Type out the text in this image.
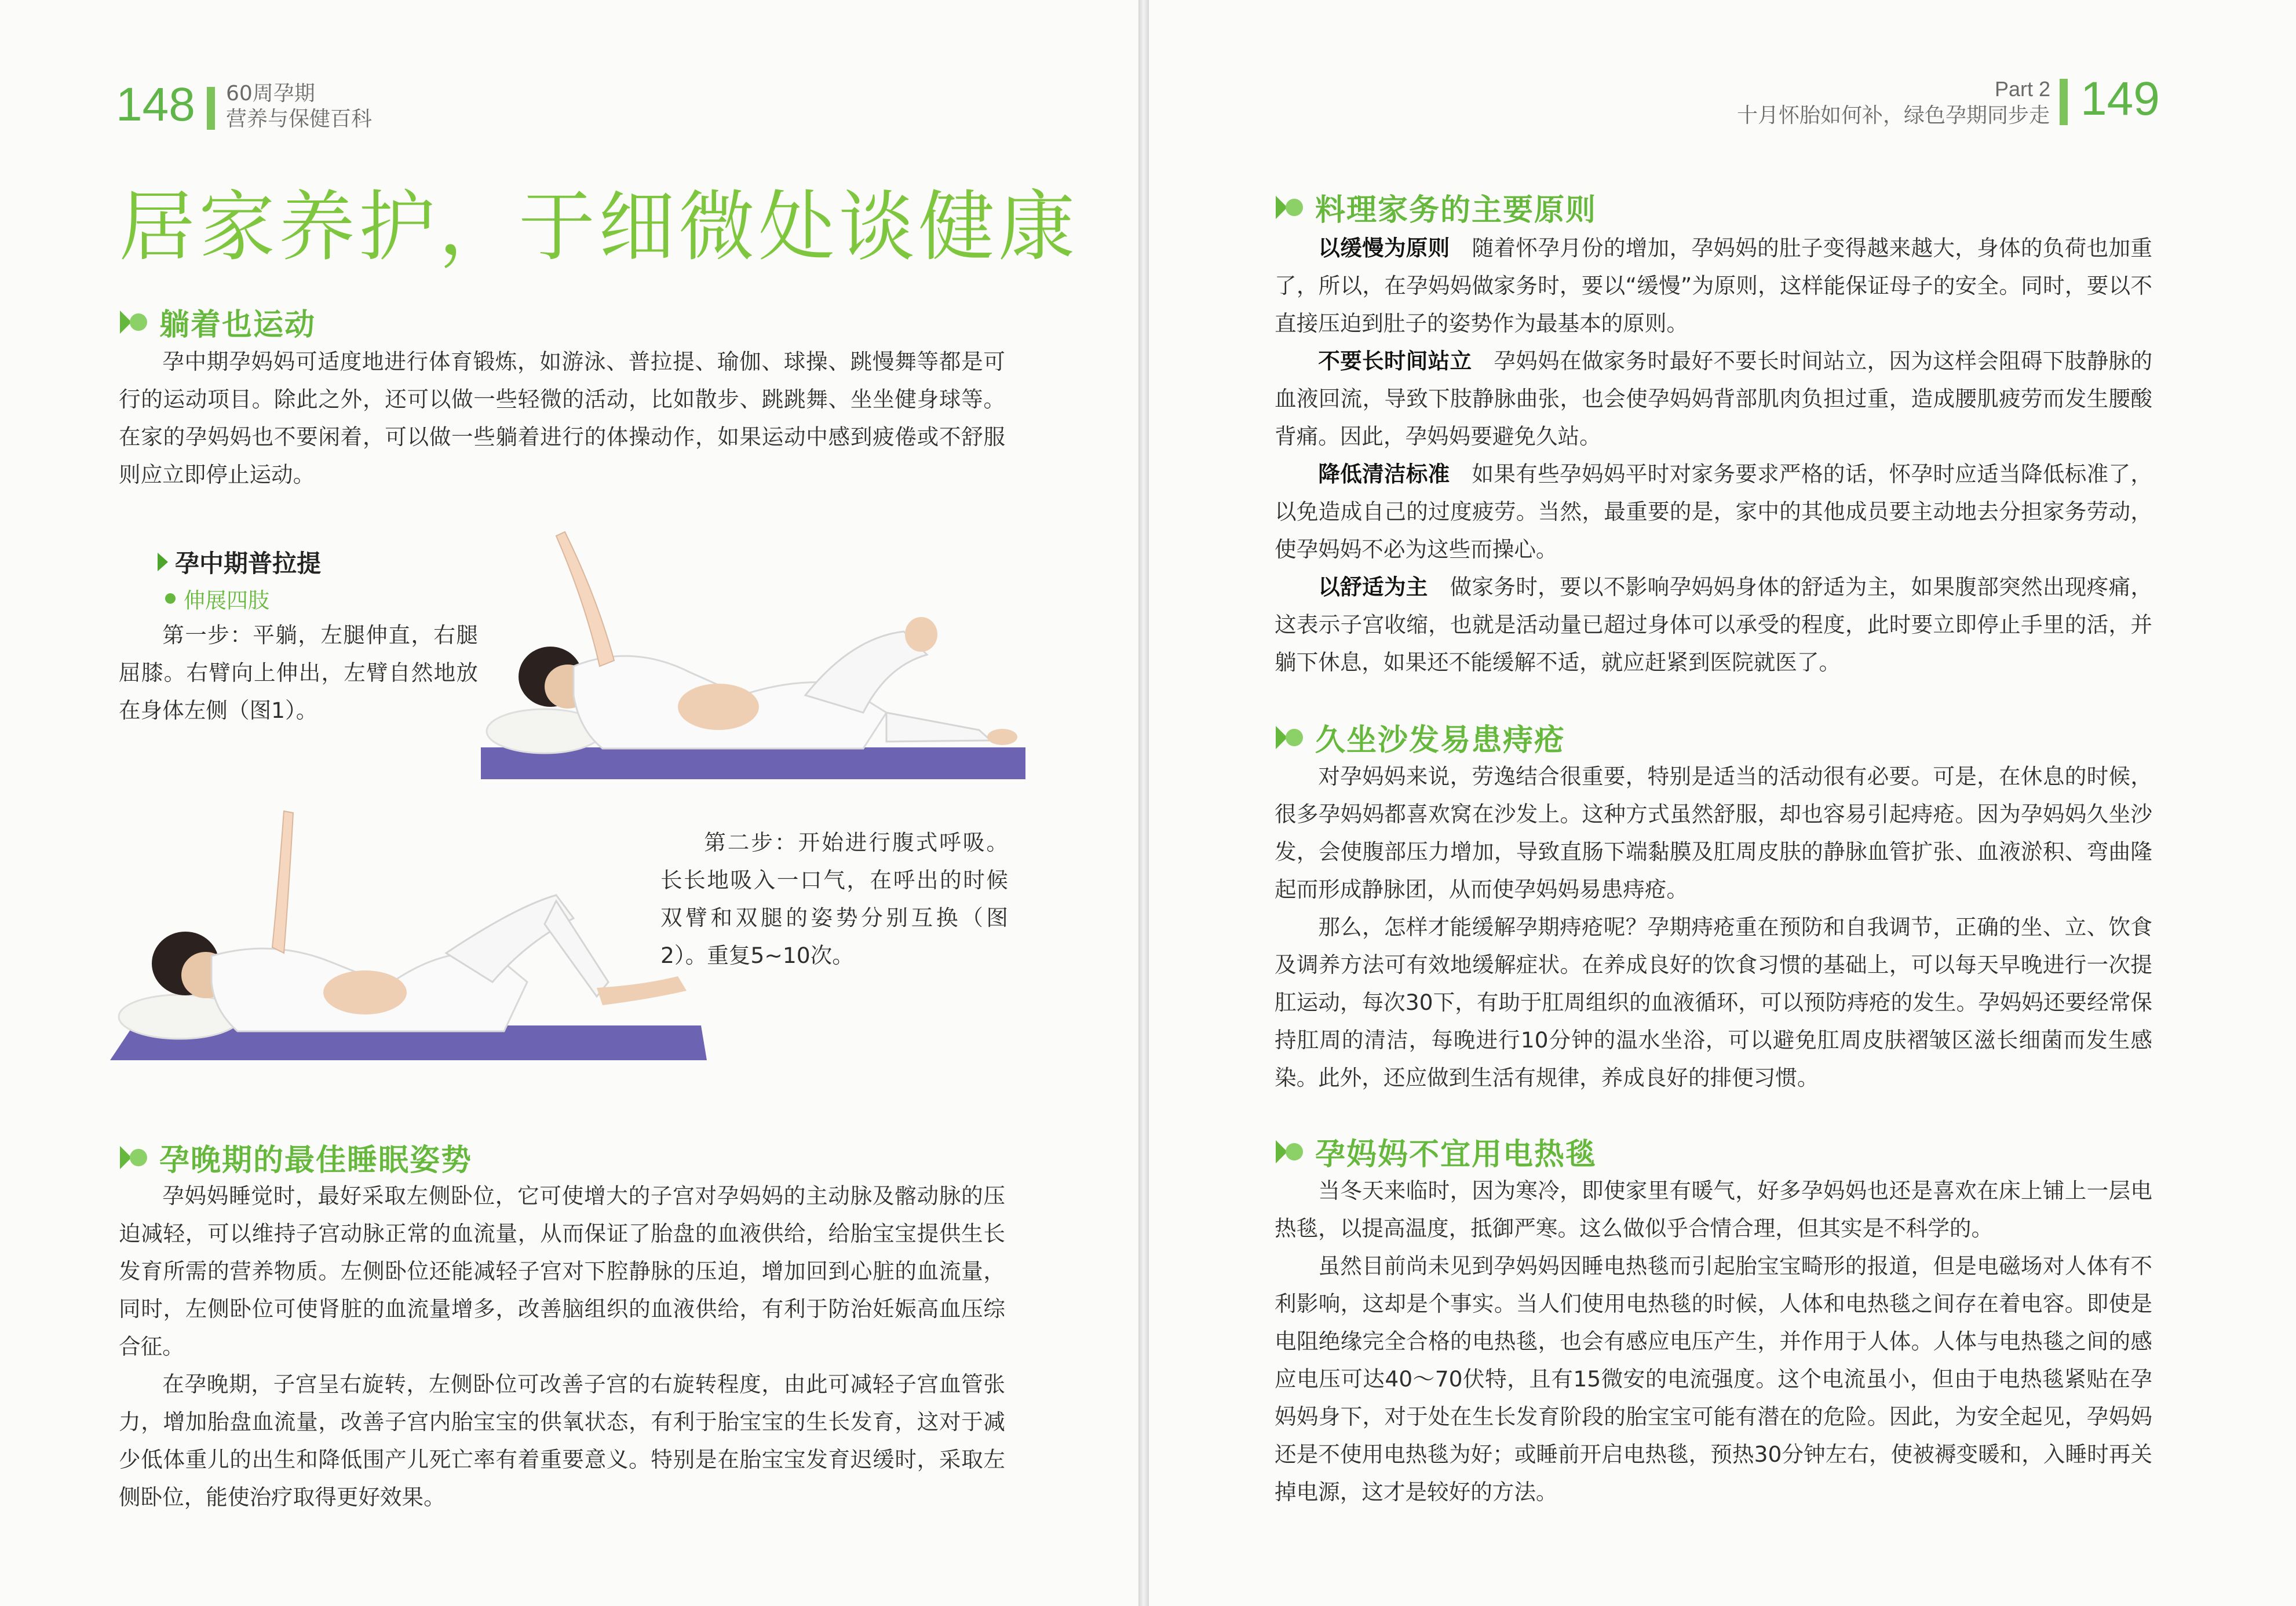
148 60周孕期
营养与保健百科
居家养护，于细微处谈健康
躺着也运动

孕中期孕妈妈可适度地进行体育锻炼，如游泳、普拉提、瑜伽、球操、跳慢舞等都是可行的运动项目。除此之外，还可以做一些轻微的活动，比如散步、跳跳舞、坐坐健身球等。在家的孕妈妈也不要闲着，可以做一些躺着进行的体操动作，如果运动中感到疲倦或不舒服则应立即停止运动。

孕中期普拉提
伸展四肢

第一步：平躺，左腿伸直，右腿屈膝。右臂向上伸出，左臂自然地放在身体左侧（图1）。

第二步：开始进行腹式呼吸。长长地吸入一口气，在呼出的时候双臂和双腿的姿势分别互换（图2）。重复5~10次。

孕晚期的最佳睡眠姿势

孕妈妈睡觉时，最好采取左侧卧位，它可使增大的子宫对孕妈妈的主动脉及髂动脉的压迫减轻，可以维持子宫动脉正常的血流量，从而保证了胎盘的血液供给，给胎宝宝提供生长发育所需的营养物质。左侧卧位还能减轻子宫对下腔静脉的压迫，增加回到心脏的血流量，同时，左侧卧位可使肾脏的血流量增多，改善脑组织的血液供给，有利于防治妊娠高血压综合征。

在孕晚期，子宫呈右旋转，左侧卧位可改善子宫的右旋转程度，由此可减轻子宫血管张力，增加胎盘血流量，改善子宫内胎宝宝的供氧状态，有利于胎宝宝的生长发育，这对于减少低体重儿的出生和降低围产儿死亡率有着重要意义。特别是在胎宝宝发育迟缓时，采取左侧卧位，能使治疗取得更好效果。

Part 2
十月怀胎如何补，绿色孕期同步走 149
料理家务的主要原则

以缓慢为原则　 随着怀孕月份的增加，孕妈妈的肚子变得越来越大，身体的负荷也加重了，所以，在孕妈妈做家务时，要以“缓慢”为原则，这样能保证母子的安全。同时，要以不直接压迫到肚子的姿势作为最基本的原则。

不要长时间站立　 孕妈妈在做家务时最好不要长时间站立，因为这样会阻碍下肢静脉的血液回流，导致下肢静脉曲张，也会使孕妈妈背部肌肉负担过重，造成腰肌疲劳而发生腰酸背痛。因此，孕妈妈要避免久站。

降低清洁标准　 如果有些孕妈妈平时对家务要求严格的话，怀孕时应适当降低标准了，以免造成自己的过度疲劳。当然，最重要的是，家中的其他成员要主动地去分担家务劳动，使孕妈妈不必为这些而操心。

以舒适为主　 做家务时，要以不影响孕妈妈身体的舒适为主，如果腹部突然出现疼痛，这表示子宫收缩，也就是活动量已超过身体可以承受的程度，此时要立即停止手里的活，并躺下休息，如果还不能缓解不适，就应赶紧到医院就医了。

久坐沙发易患痔疮

对孕妈妈来说，劳逸结合很重要，特别是适当的活动很有必要。可是，在休息的时候，很多孕妈妈都喜欢窝在沙发上。这种方式虽然舒服，却也容易引起痔疮。因为孕妈妈久坐沙发，会使腹部压力增加，导致直肠下端黏膜及肛周皮肤的静脉血管扩张、血液淤积、弯曲隆起而形成静脉团，从而使孕妈妈易患痔疮。

那么，怎样才能缓解孕期痔疮呢？孕期痔疮重在预防和自我调节，正确的坐、立、饮食及调养方法可有效地缓解症状。在养成良好的饮食习惯的基础上，可以每天早晚进行一次提肛运动，每次30下，有助于肛周组织的血液循环，可以预防痔疮的发生。孕妈妈还要经常保持肛周的清洁，每晚进行10分钟的温水坐浴，可以避免肛周皮肤褶皱区滋长细菌而发生感染。此外，还应做到生活有规律，养成良好的排便习惯。

孕妈妈不宜用电热毯

当冬天来临时，因为寒冷，即使家里有暖气，好多孕妈妈也还是喜欢在床上铺上一层电热毯，以提高温度，抵御严寒。这么做似乎合情合理，但其实是不科学的。

虽然目前尚未见到孕妈妈因睡电热毯而引起胎宝宝畸形的报道，但是电磁场对人体有不利影响，这却是个事实。当人们使用电热毯的时候，人体和电热毯之间存在着电容。即使是电阻绝缘完全合格的电热毯，也会有感应电压产生，并作用于人体。人体与电热毯之间的感应电压可达40～70伏特，且有15微安的电流强度。这个电流虽小，但由于电热毯紧贴在孕妈妈身下，对于处在生长发育阶段的胎宝宝可能有潜在的危险。因此，为安全起见，孕妈妈还是不使用电热毯为好；或睡前开启电热毯，预热30分钟左右，使被褥变暖和，入睡时再关掉电源，这才是较好的方法。
